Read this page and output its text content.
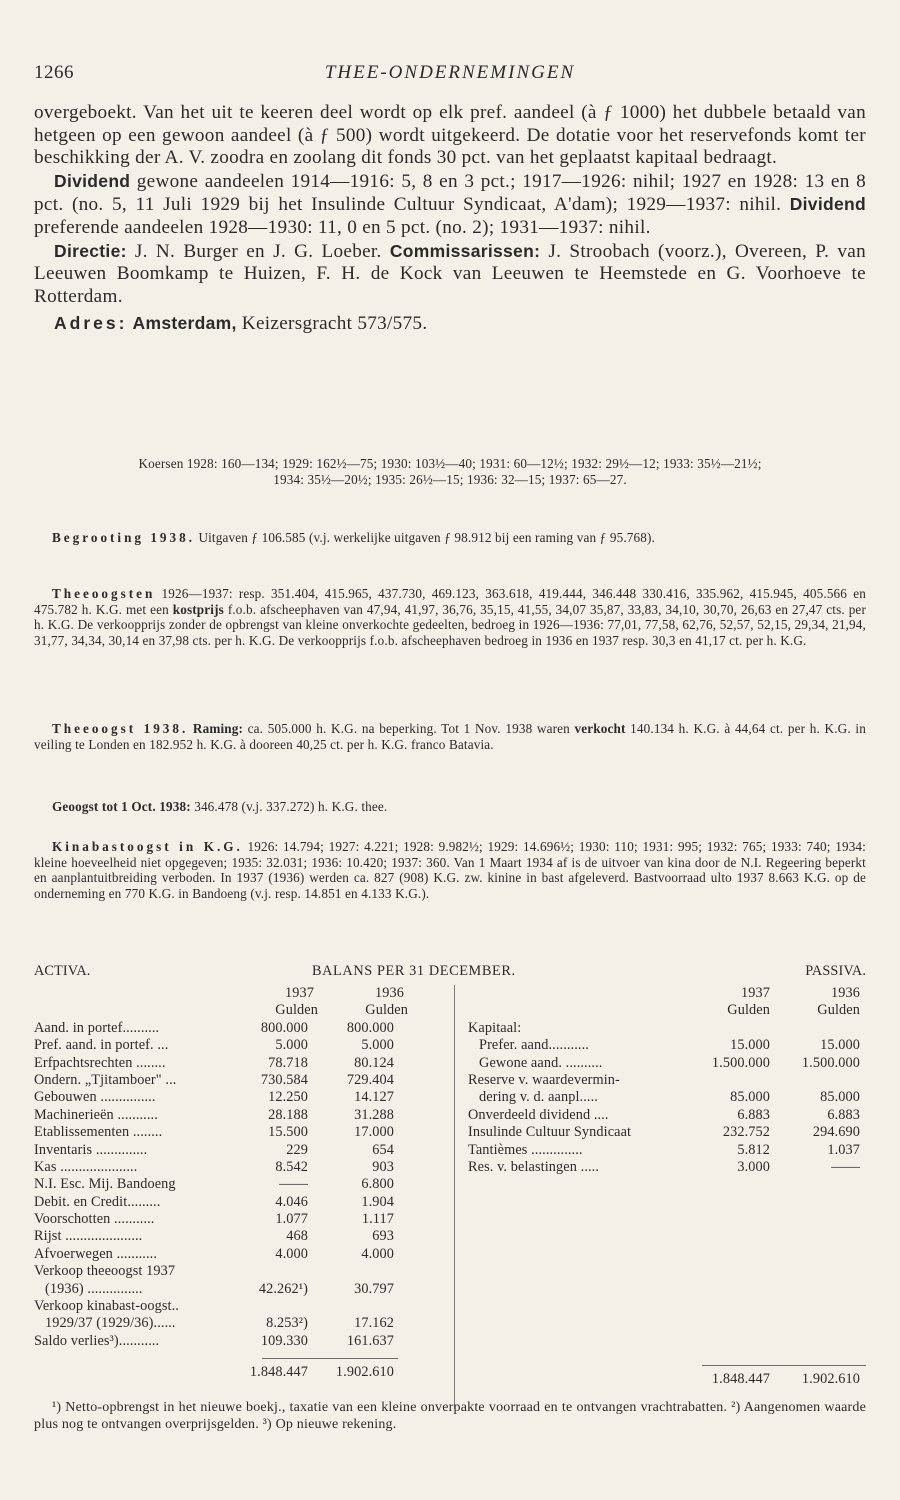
1266	THEE-ONDERNEMINGEN

overgeboekt. Van het uit te keeren deel wordt op elk pref. aandeel (à ƒ 1000) het dubbele betaald van hetgeen op een gewoon aandeel (à ƒ 500) wordt uitgekeerd. De dotatie voor het reservefonds komt ter beschikking der A. V. zoodra en zoolang dit fonds 30 pct. van het geplaatst kapitaal bedraagt.

Dividend gewone aandeelen 1914—1916: 5, 8 en 3 pct.; 1917—1926: nihil; 1927 en 1928: 13 en 8 pct. (no. 5, 11 Juli 1929 bij het Insulinde Cultuur Syndicaat, A'dam); 1929—1937: nihil. Dividend preferende aandeelen 1928—1930: 11, 0 en 5 pct. (no. 2); 1931—1937: nihil.

Directie: J. N. Burger en J. G. Loeber. Commissarissen: J. Stroobach (voorz.), Overeen, P. van Leeuwen Boomkamp te Huizen, F. H. de Kock van Leeuwen te Heemstede en G. Voorhoeve te Rotterdam.

Adres: Amsterdam, Keizersgracht 573/575.

Koersen 1928: 160—134; 1929: 162½—75; 1930: 103½—40; 1931: 60—12½; 1932: 29½—12; 1933: 35½—21½;

1934: 35½—20½; 1935: 26½—15; 1936: 32—15; 1937: 65—27.

Begrooting 1938. Uitgaven ƒ 106.585 (v.j. werkelijke uitgaven ƒ 98.912 bij een raming van ƒ 95.768).

Theeoogsten 1926—1937: resp. 351.404, 415.965, 437.730, 469.123, 363.618, 419.444, 346.448 330.416, 335.962, 415.945, 405.566 en 475.782 h. K.G. met een kostprijs f.o.b. afscheephaven van 47,94, 41,97, 36,76, 35,15, 41,55, 34,07 35,87, 33,83, 34,10, 30,70, 26,63 en 27,47 cts. per h. K.G. De verkoopprijs zonder de opbrengst van kleine onverkochte gedeelten, bedroeg in 1926—1936: 77,01, 77,58, 62,76, 52,57, 52,15, 29,34, 21,94, 31,77, 34,34, 30,14 en 37,98 cts. per h. K.G. De verkoopprijs f.o.b. afscheephaven bedroeg in 1936 en 1937 resp. 30,3 en 41,17 ct. per h. K.G.

Theeoogst 1938. Raming: ca. 505.000 h. K.G. na beperking. Tot 1 Nov. 1938 waren verkocht 140.134 h. K.G. à 44,64 ct. per h. K.G. in veiling te Londen en 182.952 h. K.G. à dooreen 40,25 ct. per h. K.G. franco Batavia.

Geoogst tot 1 Oct. 1938: 346.478 (v.j. 337.272) h. K.G. thee.

Kinabastoogst in K.G. 1926: 14.794; 1927: 4.221; 1928: 9.982½; 1929: 14.696½; 1930: 110; 1931: 995; 1932: 765; 1933: 740; 1934: kleine hoeveelheid niet opgegeven; 1935: 32.031; 1936: 10.420; 1937: 360. Van 1 Maart 1934 af is de uitvoer van kina door de N.I. Regeering beperkt en aanplantuitbreiding verboden. In 1937 (1936) werden ca. 827 (908) K.G. zw. kinine in bast afgeleverd. Bastvoorraad ulto 1937 8.663 K.G. op de onderneming en 770 K.G. in Bandoeng (v.j. resp. 14.851 en 4.133 K.G.).

ACTIVA.	BALANS PER 31 DECEMBER.	PASSIVA.
1937	1936
Gulden	Gulden
Aand. in portef..........	800.000	800.000
Pref. aand. in portef. ...	5.000	5.000
Erfpachtsrechten ........	78.718	80.124
Ondern. „Tjitamboer" ...	730.584	729.404
Gebouwen ...............	12.250	14.127
Machinerieën ...........	28.188	31.288
Etablissementen ........	15.500	17.000
Inventaris ..............	229	654
Kas .....................	8.542	903
N.I. Esc. Mij. Bandoeng	——	6.800
Debit. en Credit.........	4.046	1.904
Voorschotten ...........	1.077	1.117
Rijst .....................	468	693
Afvoerwegen ...........	4.000	4.000
Verkoop theeoogst 1937
(1936) ...............	42.262¹)	30.797
Verkoop kinabast-oogst..
1929/37 (1929/36)......	8.253²)	17.162
Saldo verlies³)...........	109.330	161.637
1.848.447	1.902.610
1937	1936
Gulden	Gulden
Kapitaal:
Prefer. aand...........	15.000	15.000
Gewone aand. ..........	1.500.000	1.500.000
Reserve v. waardevermin-
dering v. d. aanpl.....	85.000	85.000
Onverdeeld dividend ....	6.883	6.883
Insulinde Cultuur Syndicaat	232.752	294.690
Tantièmes ..............	5.812	1.037
Res. v. belastingen .....	3.000	——
1.848.447	1.902.610

¹) Netto-opbrengst in het nieuwe boekj., taxatie van een kleine onverpakte voorraad en te ontvangen vrachtrabatten. ²) Aangenomen waarde plus nog te ontvangen overprijsgelden. ³) Op nieuwe rekening.
